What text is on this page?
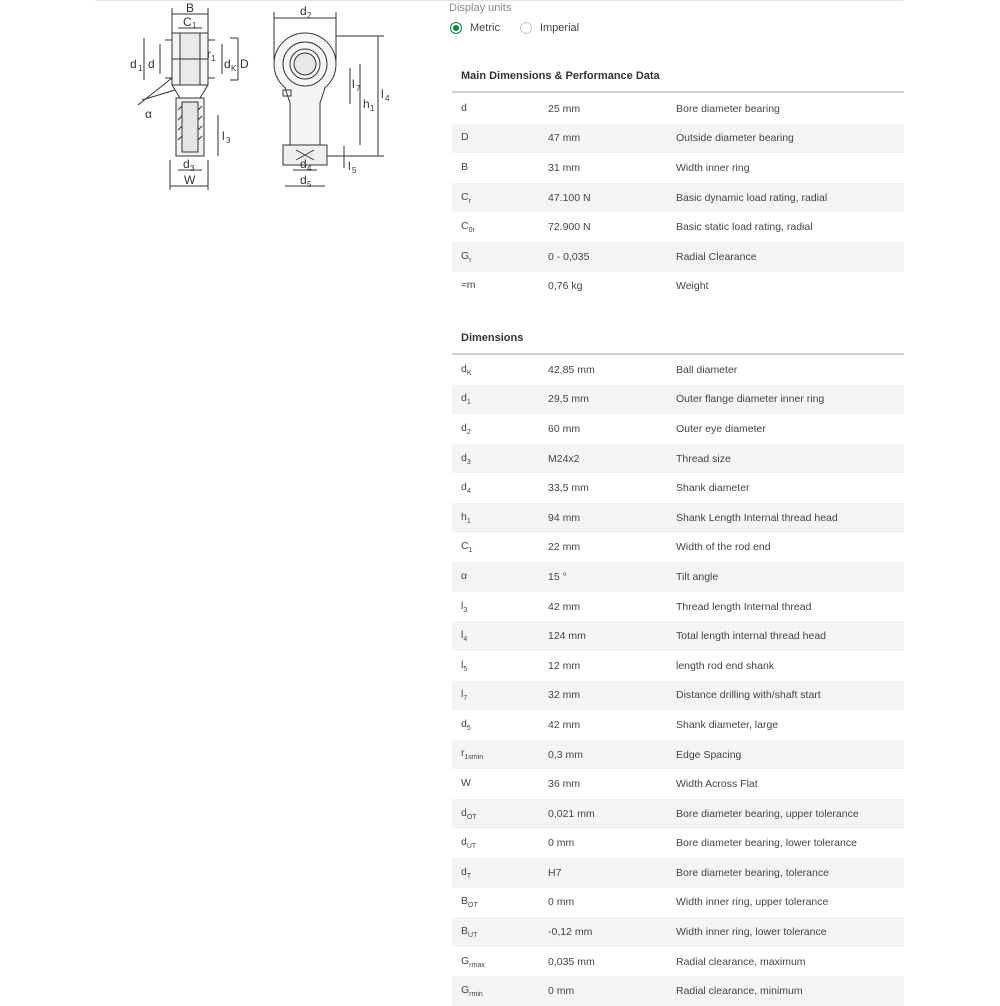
B
C 1
d 1 d
r 1 d K D
α
l 3
d 3
W
d 2
l 7
h 1
l 4
d 4	l 5
d 5
Display units
Metric	Imperial
Main Dimensions & Performance Data
d	25 mm	Bore diameter bearing
D	47 mm	Outside diameter bearing
B	31 mm	Width inner ring
$C_r$	47.100 N	Basic dynamic load rating, radial
$C_{0r}$	72.900 N	Basic static load rating, radial
$G_r$	0 - 0,035	Radial Clearance
≈m	0,76 kg	Weight
Dimensions
$d_K$	42,85 mm	Ball diameter
$d_1$	29,5 mm	Outer flange diameter inner ring
$d_2$	60 mm	Outer eye diameter
$d_3$	M24x2	Thread size
$d_4$	33,5 mm	Shank diameter
$h_1$	94 mm	Shank Length Internal thread head
$C_1$	22 mm	Width of the rod end
α	15 °	Tilt angle
$l_3$	42 mm	Thread length Internal thread
$l_4$	124 mm	Total length internal thread head
$l_5$	12 mm	length rod end shank
$l_7$	32 mm	Distance drilling with/shaft start
$d_5$	42 mm	Shank diameter, large
$r_{1smin}$	0,3 mm	Edge Spacing
W	36 mm	Width Across Flat
$d_{OT}$	0,021 mm	Bore diameter bearing, upper tolerance
$d_{UT}$	0 mm	Bore diameter bearing, lower tolerance
$d_T$	H7	Bore diameter bearing, tolerance
$B_{OT}$	0 mm	Width inner ring, upper tolerance
$B_{UT}$	-0,12 mm	Width inner ring, lower tolerance
$G_{rmax}$	0,035 mm	Radial clearance, maximum
$G_{rmin}$	0 mm	Radial clearance, minimum
